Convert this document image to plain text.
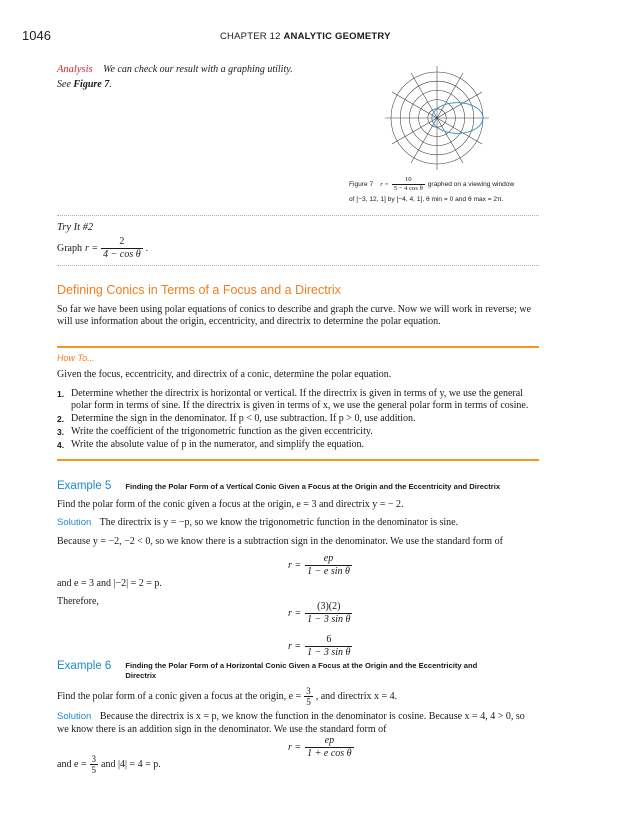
1046	CHAPTER 12 ANALYTIC GEOMETRY
Analysis We can check our result with a graphing utility.
See Figure 7.
Figure 7 $r = \frac{10}{\text{5 − 4 cos θ}}$ graphed on a viewing window
of [−3, 12, 1] by [−4, 4, 1], θ min = 0 and θ max = 2π.
Try It #2
Graph $r = \frac{2}{\text{4 − cos θ}}$ .
Defining Conics in Terms of a Focus and a Directrix
So far we have been using polar equations of conics to describe and graph the curve. Now we will work in reverse; we
will use information about the origin, eccentricity, and directrix to determine the polar equation.
How To...
Given the focus, eccentricity, and directrix of a conic, determine the polar equation.
1. Determine whether the directrix is horizontal or vertical. If the directrix is given in terms of y, we use the general
polar form in terms of sine. If the directrix is given in terms of x, we use the general polar form in terms of cosine.
2. Determine the sign in the denominator. If p < 0, use subtraction. If p > 0, use addition.
3. Write the coefficient of the trigonometric function as the given eccentricity.
4. Write the absolute value of p in the numerator, and simplify the equation.
Example 5 Finding the Polar Form of a Vertical Conic Given a Focus at the Origin and the Eccentricity and Directrix
Find the polar form of the conic given a focus at the origin, e = 3 and directrix y = − 2.
Solution The directrix is y = −p, so we know the trigonometric function in the denominator is sine.
Because y = −2, −2 < 0, so we know there is a subtraction sign in the denominator. We use the standard form of
$r = \frac{ep}{\text{1 − e sin θ}}$
and e = 3 and |−2| = 2 = p.
Therefore,
$r = \frac{(3)(2)}{\text{1 − 3 sin θ}}$
$r = \frac{6}{\text{1 − 3 sin θ}}$
Example 6 Finding the Polar Form of a Horizontal Conic Given a Focus at the Origin and the Eccentricity and
Directrix
Find the polar form of a conic given a focus at the origin, $e = \frac{3}{5}$ , and directrix x = 4.
Solution Because the directrix is x = p, we know the function in the denominator is cosine. Because x = 4, 4 > 0, so
we know there is an addition sign in the denominator. We use the standard form of
$r = \frac{ep}{\text{1 + e cos θ}}$
and $e = \frac{3}{5}$ and |4| = 4 = p.
